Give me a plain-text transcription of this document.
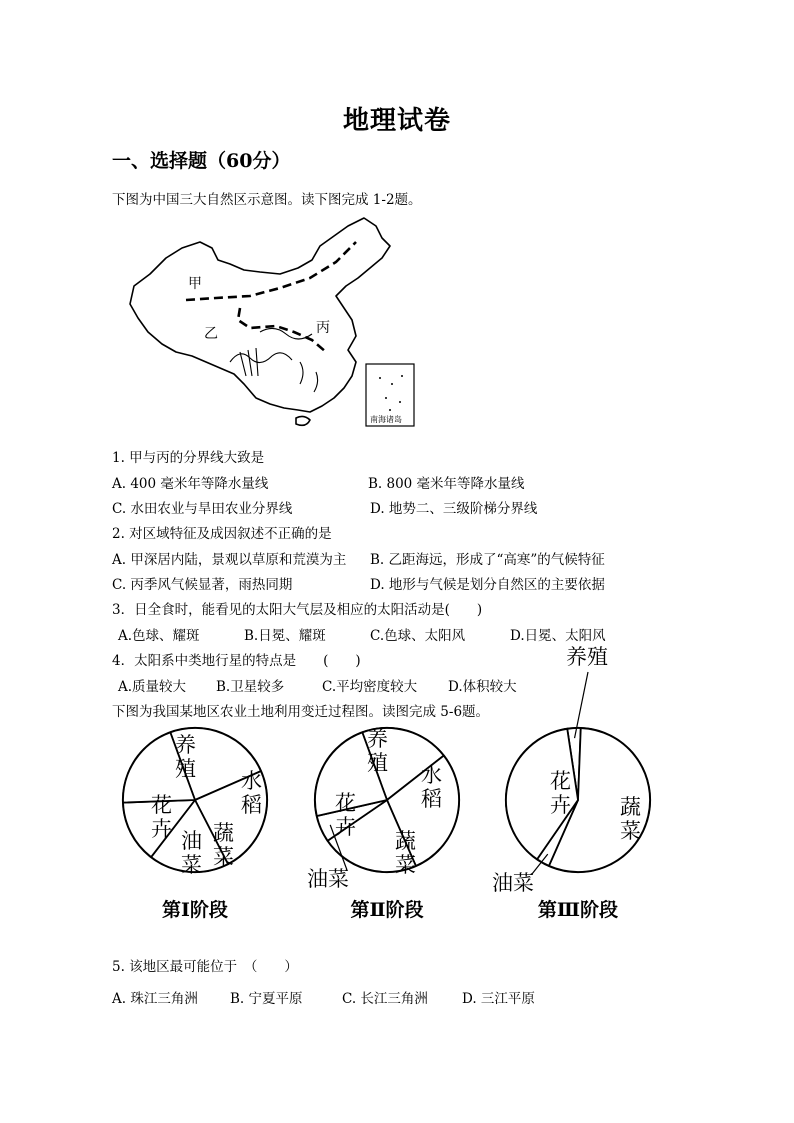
地理试卷
一、选择题（60分）
下图为中国三大自然区示意图。读下图完成 1-2题。
甲
乙	丙
南海诸岛
1. 甲与丙的分界线大致是
A. 400 毫米年等降水量线	B. 800 毫米年等降水量线
C. 水田农业与旱田农业分界线	D. 地势二、三级阶梯分界线
2. 对区域特征及成因叙述不正确的是
A. 甲深居内陆，景观以草原和荒漠为主 B. 乙距海远，形成了“高寒”的气候特征
C. 丙季风气候显著，雨热同期	D. 地形与气候是划分自然区的主要依据
3．日全食时，能看见的太阳大气层及相应的太阳活动是(　　)
A.色球、耀斑	B.日冕、耀斑	C.色球、太阳风	D.日冕、太阳风
4．太阳系中类地行星的特点是　　(　　)
A.质量较大 B.卫星较多	C.平均密度较大 D.体积较大
下图为我国某地区农业土地利用变迁过程图。读图完成 5-6题。
养殖 水稻
蔬菜
油菜
花卉
第Ⅰ阶段
养殖 水稻
蔬菜
油菜
花卉
第Ⅱ阶段
养殖
蔬菜
油菜
花卉
第Ⅲ阶段
5. 该地区最可能位于　（　　）
A. 珠江三角洲 B. 宁夏平原	C. 长江三角洲	D. 三江平原
